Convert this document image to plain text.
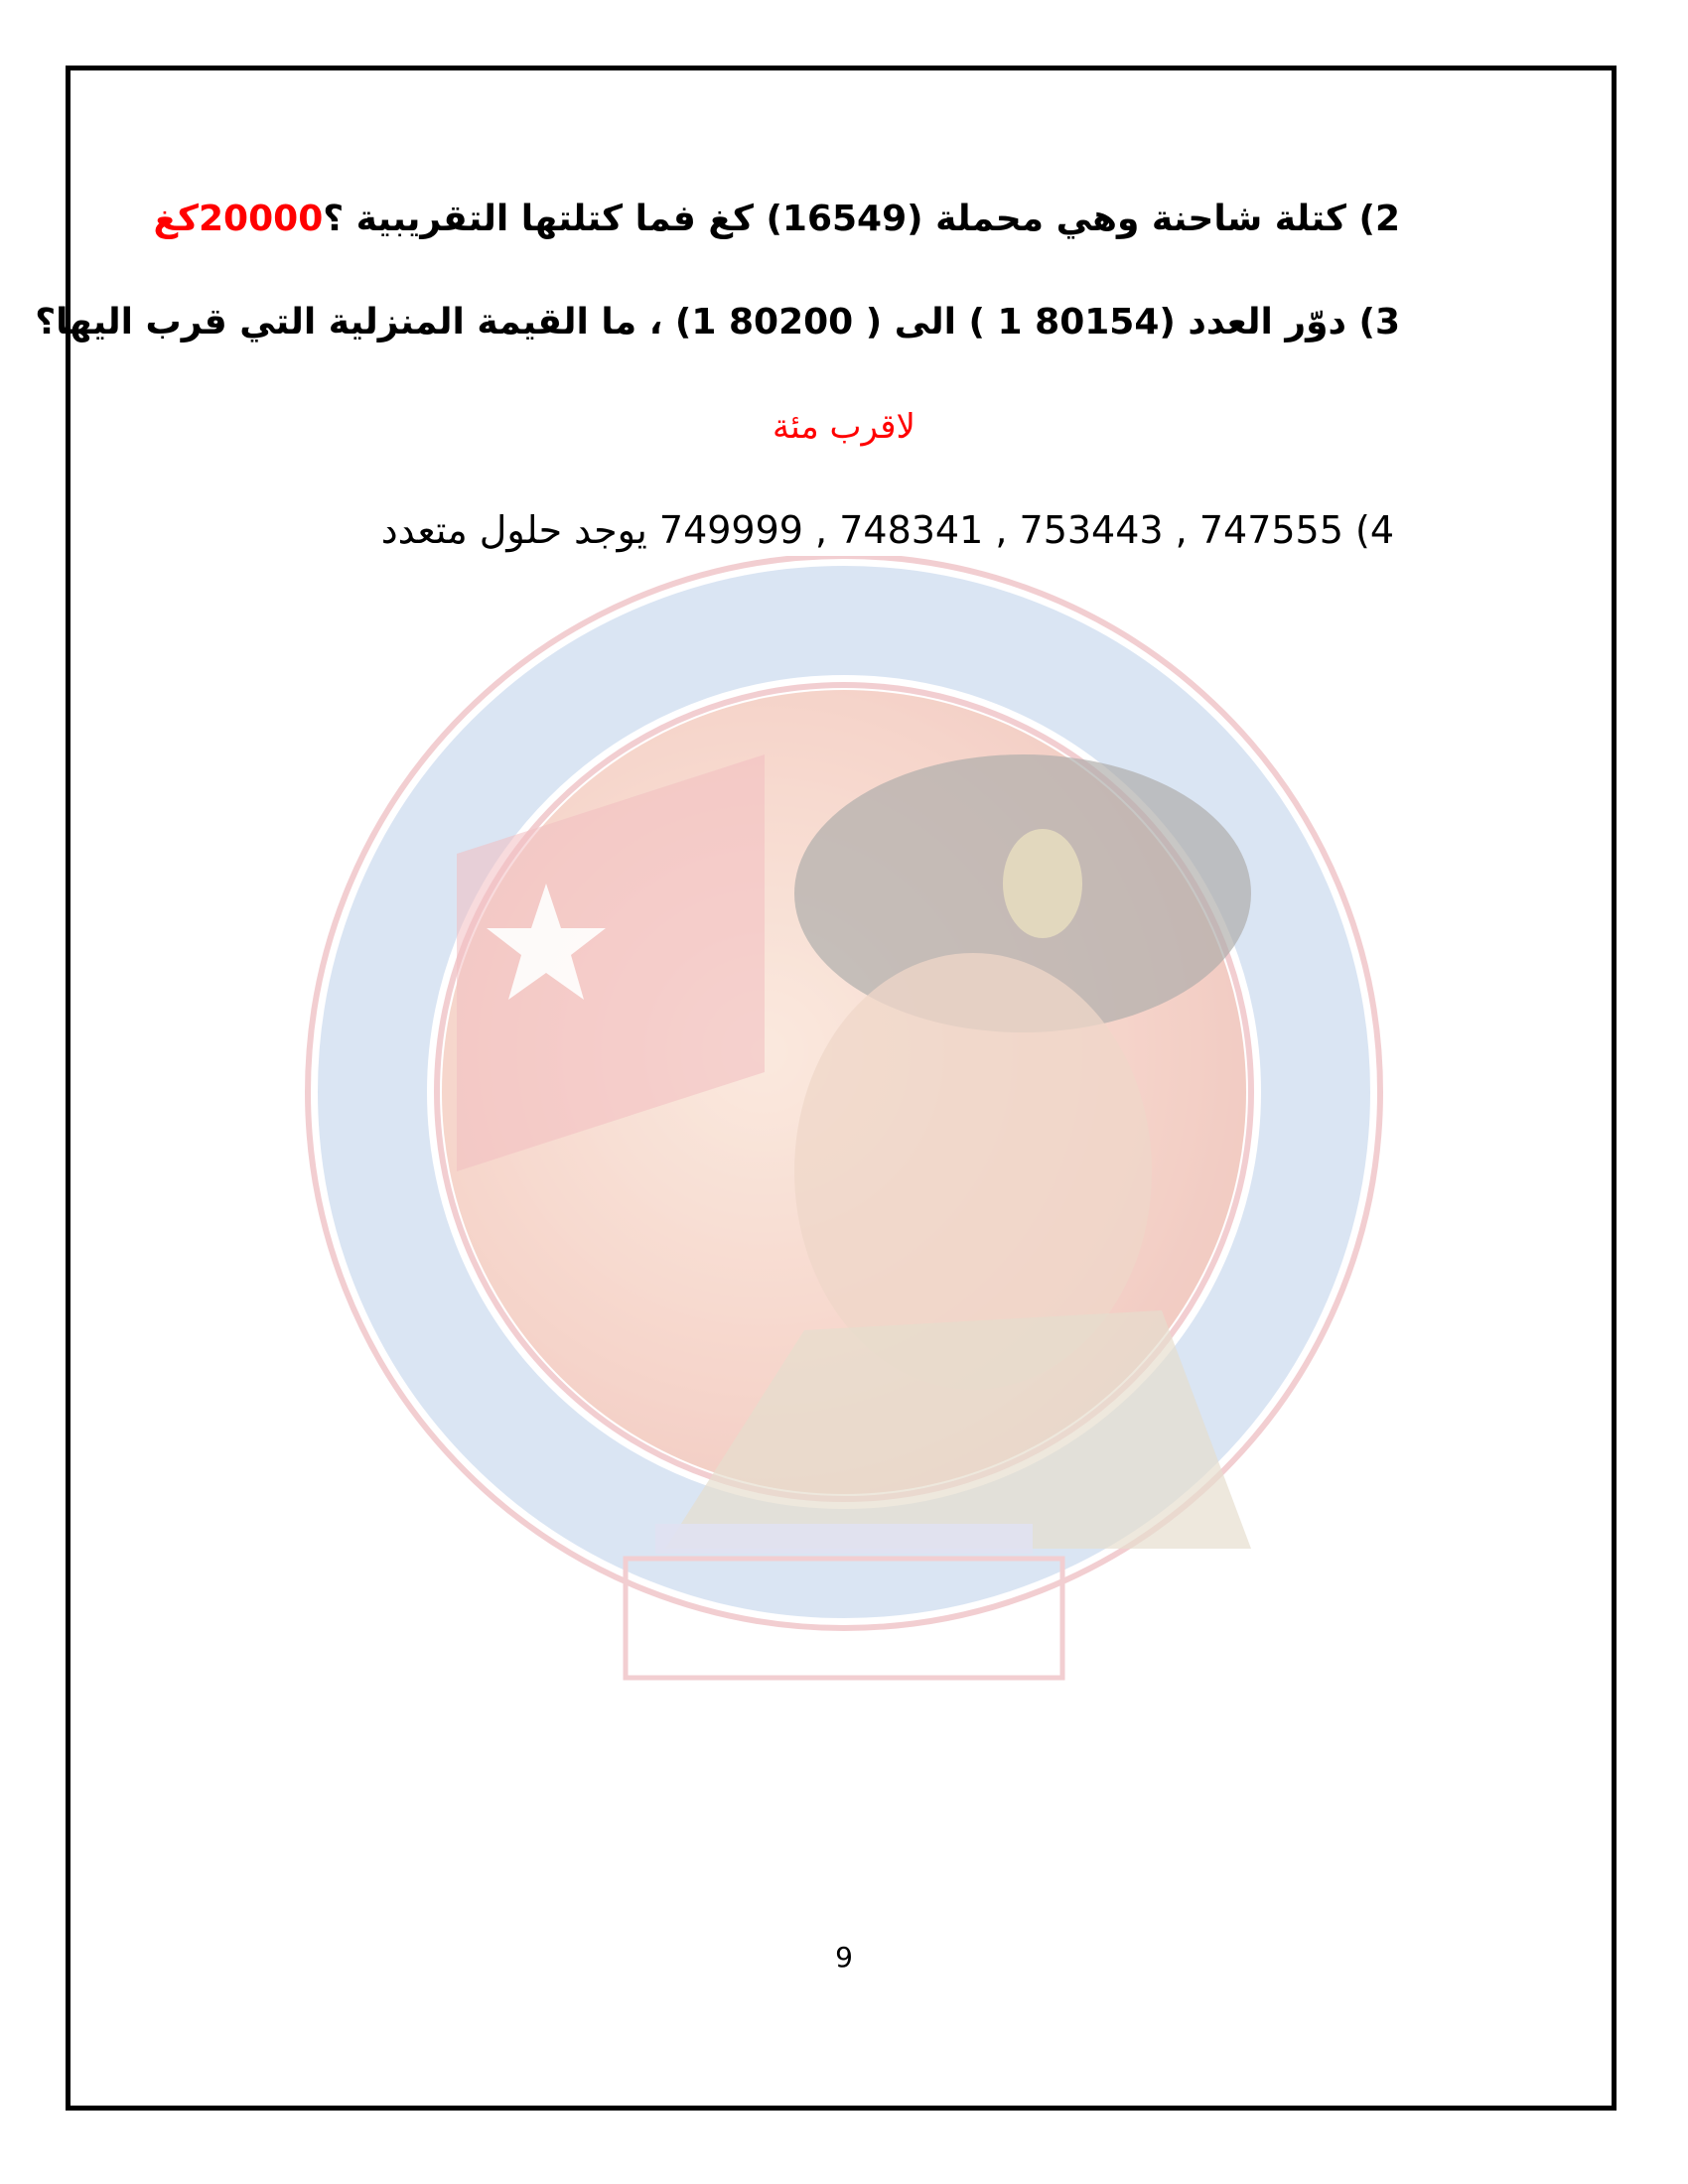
2) كتلة شاحنة وهي محملة (16549) كغ فما كتلتها التقريبية ؟20000كغ
3) دوّر العدد (80154 1 ) الى ( 80200 1) ، ما القيمة المنزلية التي قرب اليها؟
لاقرب مئة
4) 747555 , 753443 , 748341 , 749999 يوجد حلول متعدد
9
